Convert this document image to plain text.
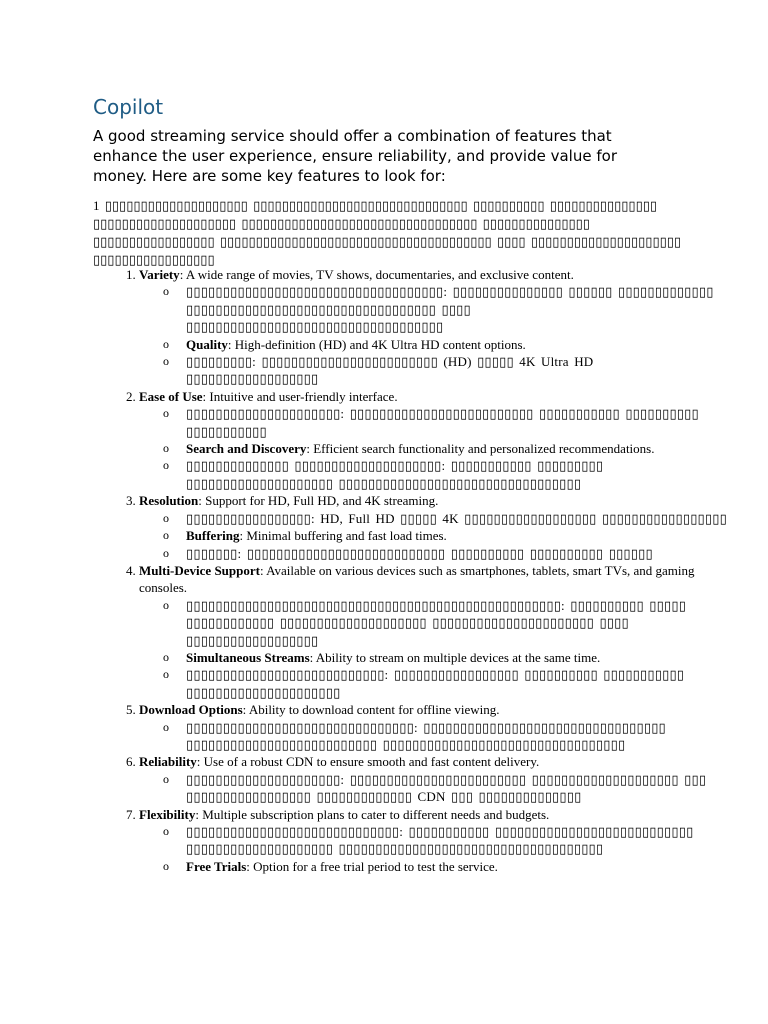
Copilot

A good streaming service should offer a combination of features that enhance the user experience, ensure reliability, and provide value for money. Here are some key features to look for:

1 ▯▯▯▯▯▯▯▯▯▯▯▯▯▯▯▯▯▯▯▯ ▯▯▯▯▯▯▯▯▯▯▯▯▯▯▯▯▯▯▯▯▯▯▯▯▯▯▯▯▯▯ ▯▯▯▯▯▯▯▯▯▯ ▯▯▯▯▯▯▯▯▯▯▯▯▯▯▯ ▯▯▯▯▯▯▯▯▯▯▯▯▯▯▯▯▯▯▯▯ ▯▯▯▯▯▯▯▯▯▯▯▯▯▯▯▯▯▯▯▯▯▯▯▯▯▯▯▯▯▯▯▯▯ ▯▯▯▯▯▯▯▯▯▯▯▯▯▯▯ ▯▯▯▯▯▯▯▯▯▯▯▯▯▯▯▯▯ ▯▯▯▯▯▯▯▯▯▯▯▯▯▯▯▯▯▯▯▯▯▯▯▯▯▯▯▯▯▯▯▯▯▯▯▯▯▯ ▯▯▯▯ ▯▯▯▯▯▯▯▯▯▯▯▯▯▯▯▯▯▯▯▯▯ ▯▯▯▯▯▯▯▯▯▯▯▯▯▯▯▯▯

1. Variety: A wide range of movies, TV shows, documentaries, and exclusive content.
o ▯▯▯▯▯▯▯▯▯▯▯▯▯▯▯▯▯▯▯▯▯▯▯▯▯▯▯▯▯▯▯▯▯▯▯: ▯▯▯▯▯▯▯▯▯▯▯▯▯▯▯ ▯▯▯▯▯▯ ▯▯▯▯▯▯▯▯▯▯▯▯▯ ▯▯▯▯▯▯▯▯▯▯▯▯▯▯▯▯▯▯▯▯▯▯▯▯▯▯▯▯▯▯▯▯▯▯ ▯▯▯▯ ▯▯▯▯▯▯▯▯▯▯▯▯▯▯▯▯▯▯▯▯▯▯▯▯▯▯▯▯▯▯▯▯▯▯▯
o Quality: High-definition (HD) and 4K Ultra HD content options.
o ▯▯▯▯▯▯▯▯▯: ▯▯▯▯▯▯▯▯▯▯▯▯▯▯▯▯▯▯▯▯▯▯▯▯ (HD) ▯▯▯▯▯ 4K Ultra HD ▯▯▯▯▯▯▯▯▯▯▯▯▯▯▯▯▯▯
2. Ease of Use: Intuitive and user-friendly interface.
o ▯▯▯▯▯▯▯▯▯▯▯▯▯▯▯▯▯▯▯▯▯: ▯▯▯▯▯▯▯▯▯▯▯▯▯▯▯▯▯▯▯▯▯▯▯▯▯ ▯▯▯▯▯▯▯▯▯▯▯ ▯▯▯▯▯▯▯▯▯▯ ▯▯▯▯▯▯▯▯▯▯▯
o Search and Discovery: Efficient search functionality and personalized recommendations.
o ▯▯▯▯▯▯▯▯▯▯▯▯▯▯ ▯▯▯▯▯▯▯▯▯▯▯▯▯▯▯▯▯▯▯▯: ▯▯▯▯▯▯▯▯▯▯▯ ▯▯▯▯▯▯▯▯▯ ▯▯▯▯▯▯▯▯▯▯▯▯▯▯▯▯▯▯▯▯ ▯▯▯▯▯▯▯▯▯▯▯▯▯▯▯▯▯▯▯▯▯▯▯▯▯▯▯▯▯▯▯▯▯
3. Resolution: Support for HD, Full HD, and 4K streaming.
o ▯▯▯▯▯▯▯▯▯▯▯▯▯▯▯▯▯: HD, Full HD ▯▯▯▯▯ 4K ▯▯▯▯▯▯▯▯▯▯▯▯▯▯▯▯▯▯ ▯▯▯▯▯▯▯▯▯▯▯▯▯▯▯▯▯
o Buffering: Minimal buffering and fast load times.
o ▯▯▯▯▯▯▯: ▯▯▯▯▯▯▯▯▯▯▯▯▯▯▯▯▯▯▯▯▯▯▯▯▯▯▯ ▯▯▯▯▯▯▯▯▯▯ ▯▯▯▯▯▯▯▯▯▯ ▯▯▯▯▯▯
4. Multi-Device Support: Available on various devices such as smartphones, tablets, smart TVs, and gaming consoles.
o ▯▯▯▯▯▯▯▯▯▯▯▯▯▯▯▯▯▯▯▯▯▯▯▯▯▯▯▯▯▯▯▯▯▯▯▯▯▯▯▯▯▯▯▯▯▯▯▯▯▯▯: ▯▯▯▯▯▯▯▯▯▯ ▯▯▯▯▯ ▯▯▯▯▯▯▯▯▯▯▯▯ ▯▯▯▯▯▯▯▯▯▯▯▯▯▯▯▯▯▯▯▯ ▯▯▯▯▯▯▯▯▯▯▯▯▯▯▯▯▯▯▯▯▯▯ ▯▯▯▯ ▯▯▯▯▯▯▯▯▯▯▯▯▯▯▯▯▯▯
o Simultaneous Streams: Ability to stream on multiple devices at the same time.
o ▯▯▯▯▯▯▯▯▯▯▯▯▯▯▯▯▯▯▯▯▯▯▯▯▯▯▯: ▯▯▯▯▯▯▯▯▯▯▯▯▯▯▯▯▯ ▯▯▯▯▯▯▯▯▯▯ ▯▯▯▯▯▯▯▯▯▯▯ ▯▯▯▯▯▯▯▯▯▯▯▯▯▯▯▯▯▯▯▯▯
5. Download Options: Ability to download content for offline viewing.
o ▯▯▯▯▯▯▯▯▯▯▯▯▯▯▯▯▯▯▯▯▯▯▯▯▯▯▯▯▯▯▯: ▯▯▯▯▯▯▯▯▯▯▯▯▯▯▯▯▯▯▯▯▯▯▯▯▯▯▯▯▯▯▯▯▯ ▯▯▯▯▯▯▯▯▯▯▯▯▯▯▯▯▯▯▯▯▯▯▯▯▯▯ ▯▯▯▯▯▯▯▯▯▯▯▯▯▯▯▯▯▯▯▯▯▯▯▯▯▯▯▯▯▯▯▯▯
6. Reliability: Use of a robust CDN to ensure smooth and fast content delivery.
o ▯▯▯▯▯▯▯▯▯▯▯▯▯▯▯▯▯▯▯▯▯: ▯▯▯▯▯▯▯▯▯▯▯▯▯▯▯▯▯▯▯▯▯▯▯▯ ▯▯▯▯▯▯▯▯▯▯▯▯▯▯▯▯▯▯▯▯ ▯▯▯ ▯▯▯▯▯▯▯▯▯▯▯▯▯▯▯▯▯ ▯▯▯▯▯▯▯▯▯▯▯▯▯ CDN ▯▯▯ ▯▯▯▯▯▯▯▯▯▯▯▯▯▯
7. Flexibility: Multiple subscription plans to cater to different needs and budgets.
o ▯▯▯▯▯▯▯▯▯▯▯▯▯▯▯▯▯▯▯▯▯▯▯▯▯▯▯▯▯: ▯▯▯▯▯▯▯▯▯▯▯ ▯▯▯▯▯▯▯▯▯▯▯▯▯▯▯▯▯▯▯▯▯▯▯▯▯▯▯ ▯▯▯▯▯▯▯▯▯▯▯▯▯▯▯▯▯▯▯▯ ▯▯▯▯▯▯▯▯▯▯▯▯▯▯▯▯▯▯▯▯▯▯▯▯▯▯▯▯▯▯▯▯▯▯▯▯
o Free Trials: Option for a free trial period to test the service.
